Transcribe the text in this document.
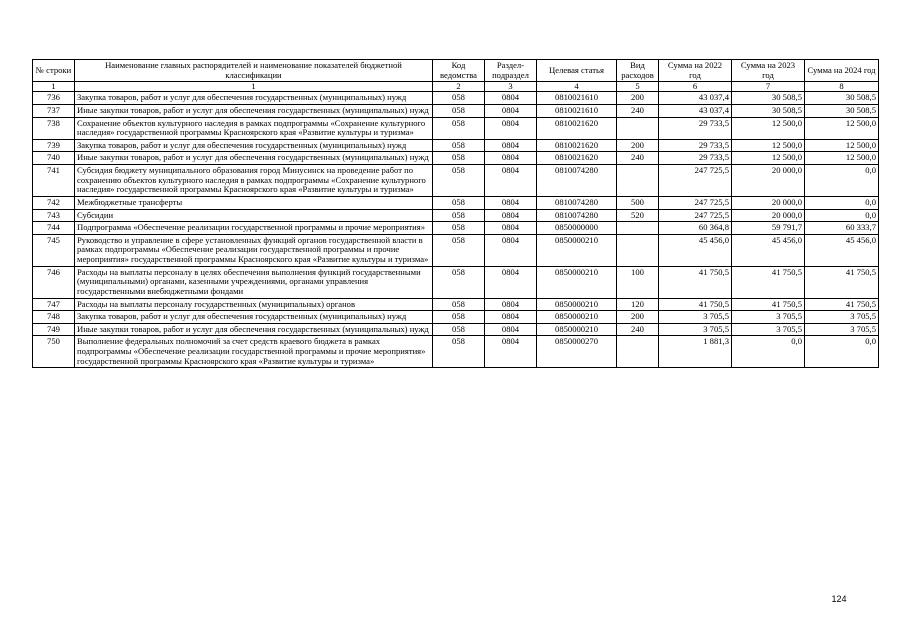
№ строки	Наименование главных распорядителей и наименование показателей бюджетной классификации	Код ведомства	Раздел-подраздел	Целевая статья	Вид расходов	Сумма на 2022 год	Сумма на 2023 год	Сумма на 2024 год
1	1	2	3	4	5	6	7	8
736	Закупка товаров, работ и услуг для обеспечения государственных (муниципальных) нужд	058	0804	0810021610	200	43 037,4	30 508,5	30 508,5
737	Иные закупки товаров, работ и услуг для обеспечения государственных (муниципальных) нужд	058	0804	0810021610	240	43 037,4	30 508,5	30 508,5
738	Сохранение объектов культурного наследия в рамках подпрограммы «Сохранение культурного наследия» государственной программы Красноярского края «Развитие культуры и туризма»	058	0804	0810021620		29 733,5	12 500,0	12 500,0
739	Закупка товаров, работ и услуг для обеспечения государственных (муниципальных) нужд	058	0804	0810021620	200	29 733,5	12 500,0	12 500,0
740	Иные закупки товаров, работ и услуг для обеспечения государственных (муниципальных) нужд	058	0804	0810021620	240	29 733,5	12 500,0	12 500,0
741	Субсидия бюджету муниципального образования город Минусинск на проведение работ по сохранению объектов культурного наследия в рамках подпрограммы «Сохранение культурного наследия» государственной программы Красноярского края «Развитие культуры и туризма»	058	0804	0810074280		247 725,5	20 000,0	0,0
742	Межбюджетные трансферты	058	0804	0810074280	500	247 725,5	20 000,0	0,0
743	Субсидии	058	0804	0810074280	520	247 725,5	20 000,0	0,0
744	Подпрограмма «Обеспечение реализации государственной программы и прочие мероприятия»	058	0804	0850000000		60 364,8	59 791,7	60 333,7
745	Руководство и управление в сфере установленных функций органов государственной власти в рамках подпрограммы «Обеспечение реализации государственной программы и прочие мероприятия» государственной программы Красноярского края «Развитие культуры и туризма»	058	0804	0850000210		45 456,0	45 456,0	45 456,0
746	Расходы на выплаты персоналу в целях обеспечения выполнения функций государственными (муниципальными) органами, казенными учреждениями, органами управления государственными внебюджетными фондами	058	0804	0850000210	100	41 750,5	41 750,5	41 750,5
747	Расходы на выплаты персоналу государственных (муниципальных) органов	058	0804	0850000210	120	41 750,5	41 750,5	41 750,5
748	Закупка товаров, работ и услуг для обеспечения государственных (муниципальных) нужд	058	0804	0850000210	200	3 705,5	3 705,5	3 705,5
749	Иные закупки товаров, работ и услуг для обеспечения государственных (муниципальных) нужд	058	0804	0850000210	240	3 705,5	3 705,5	3 705,5
750	Выполнение федеральных полномочий за счет средств краевого бюджета в рамках подпрограммы «Обеспечение реализации государственной программы и прочие мероприятия» государственной программы Красноярского края «Развитие культуры и туризма»	058	0804	0850000270		1 881,3	0,0	0,0
124
